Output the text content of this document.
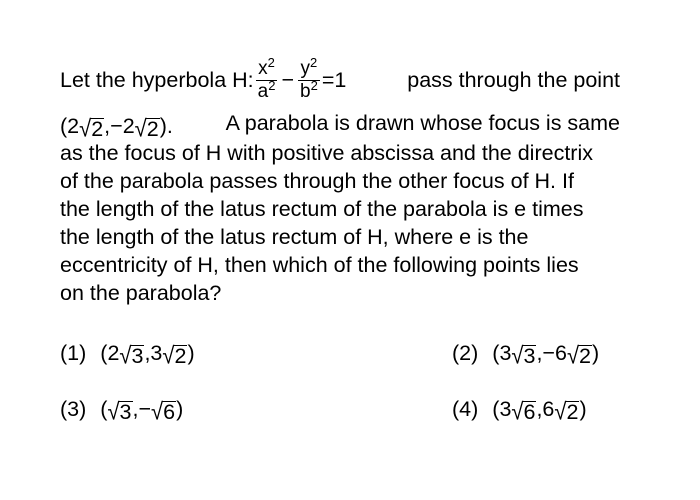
Let the hyperbola
H: $\frac{x^2}{a^2} - \frac{y^2}{b^2} =1$	pass through the point
(2 √ 2 ,−2 √ 2 ). A parabola is drawn whose focus is same
as the focus of H with positive abscissa and the directrix
of the parabola passes through the other focus of H. If
the length of the latus rectum of the parabola is e times
the length of the latus rectum of H, where e is the
eccentricity of H, then which of the following points lies
on the parabola?
(1) (2 √ 3 ,3 √ 2 )	(2) (3 √ 3 ,−6 √ 2 )
(3) ( √ 3 ,− √ 6 )	(4) (3 √ 6 ,6 √ 2 )
